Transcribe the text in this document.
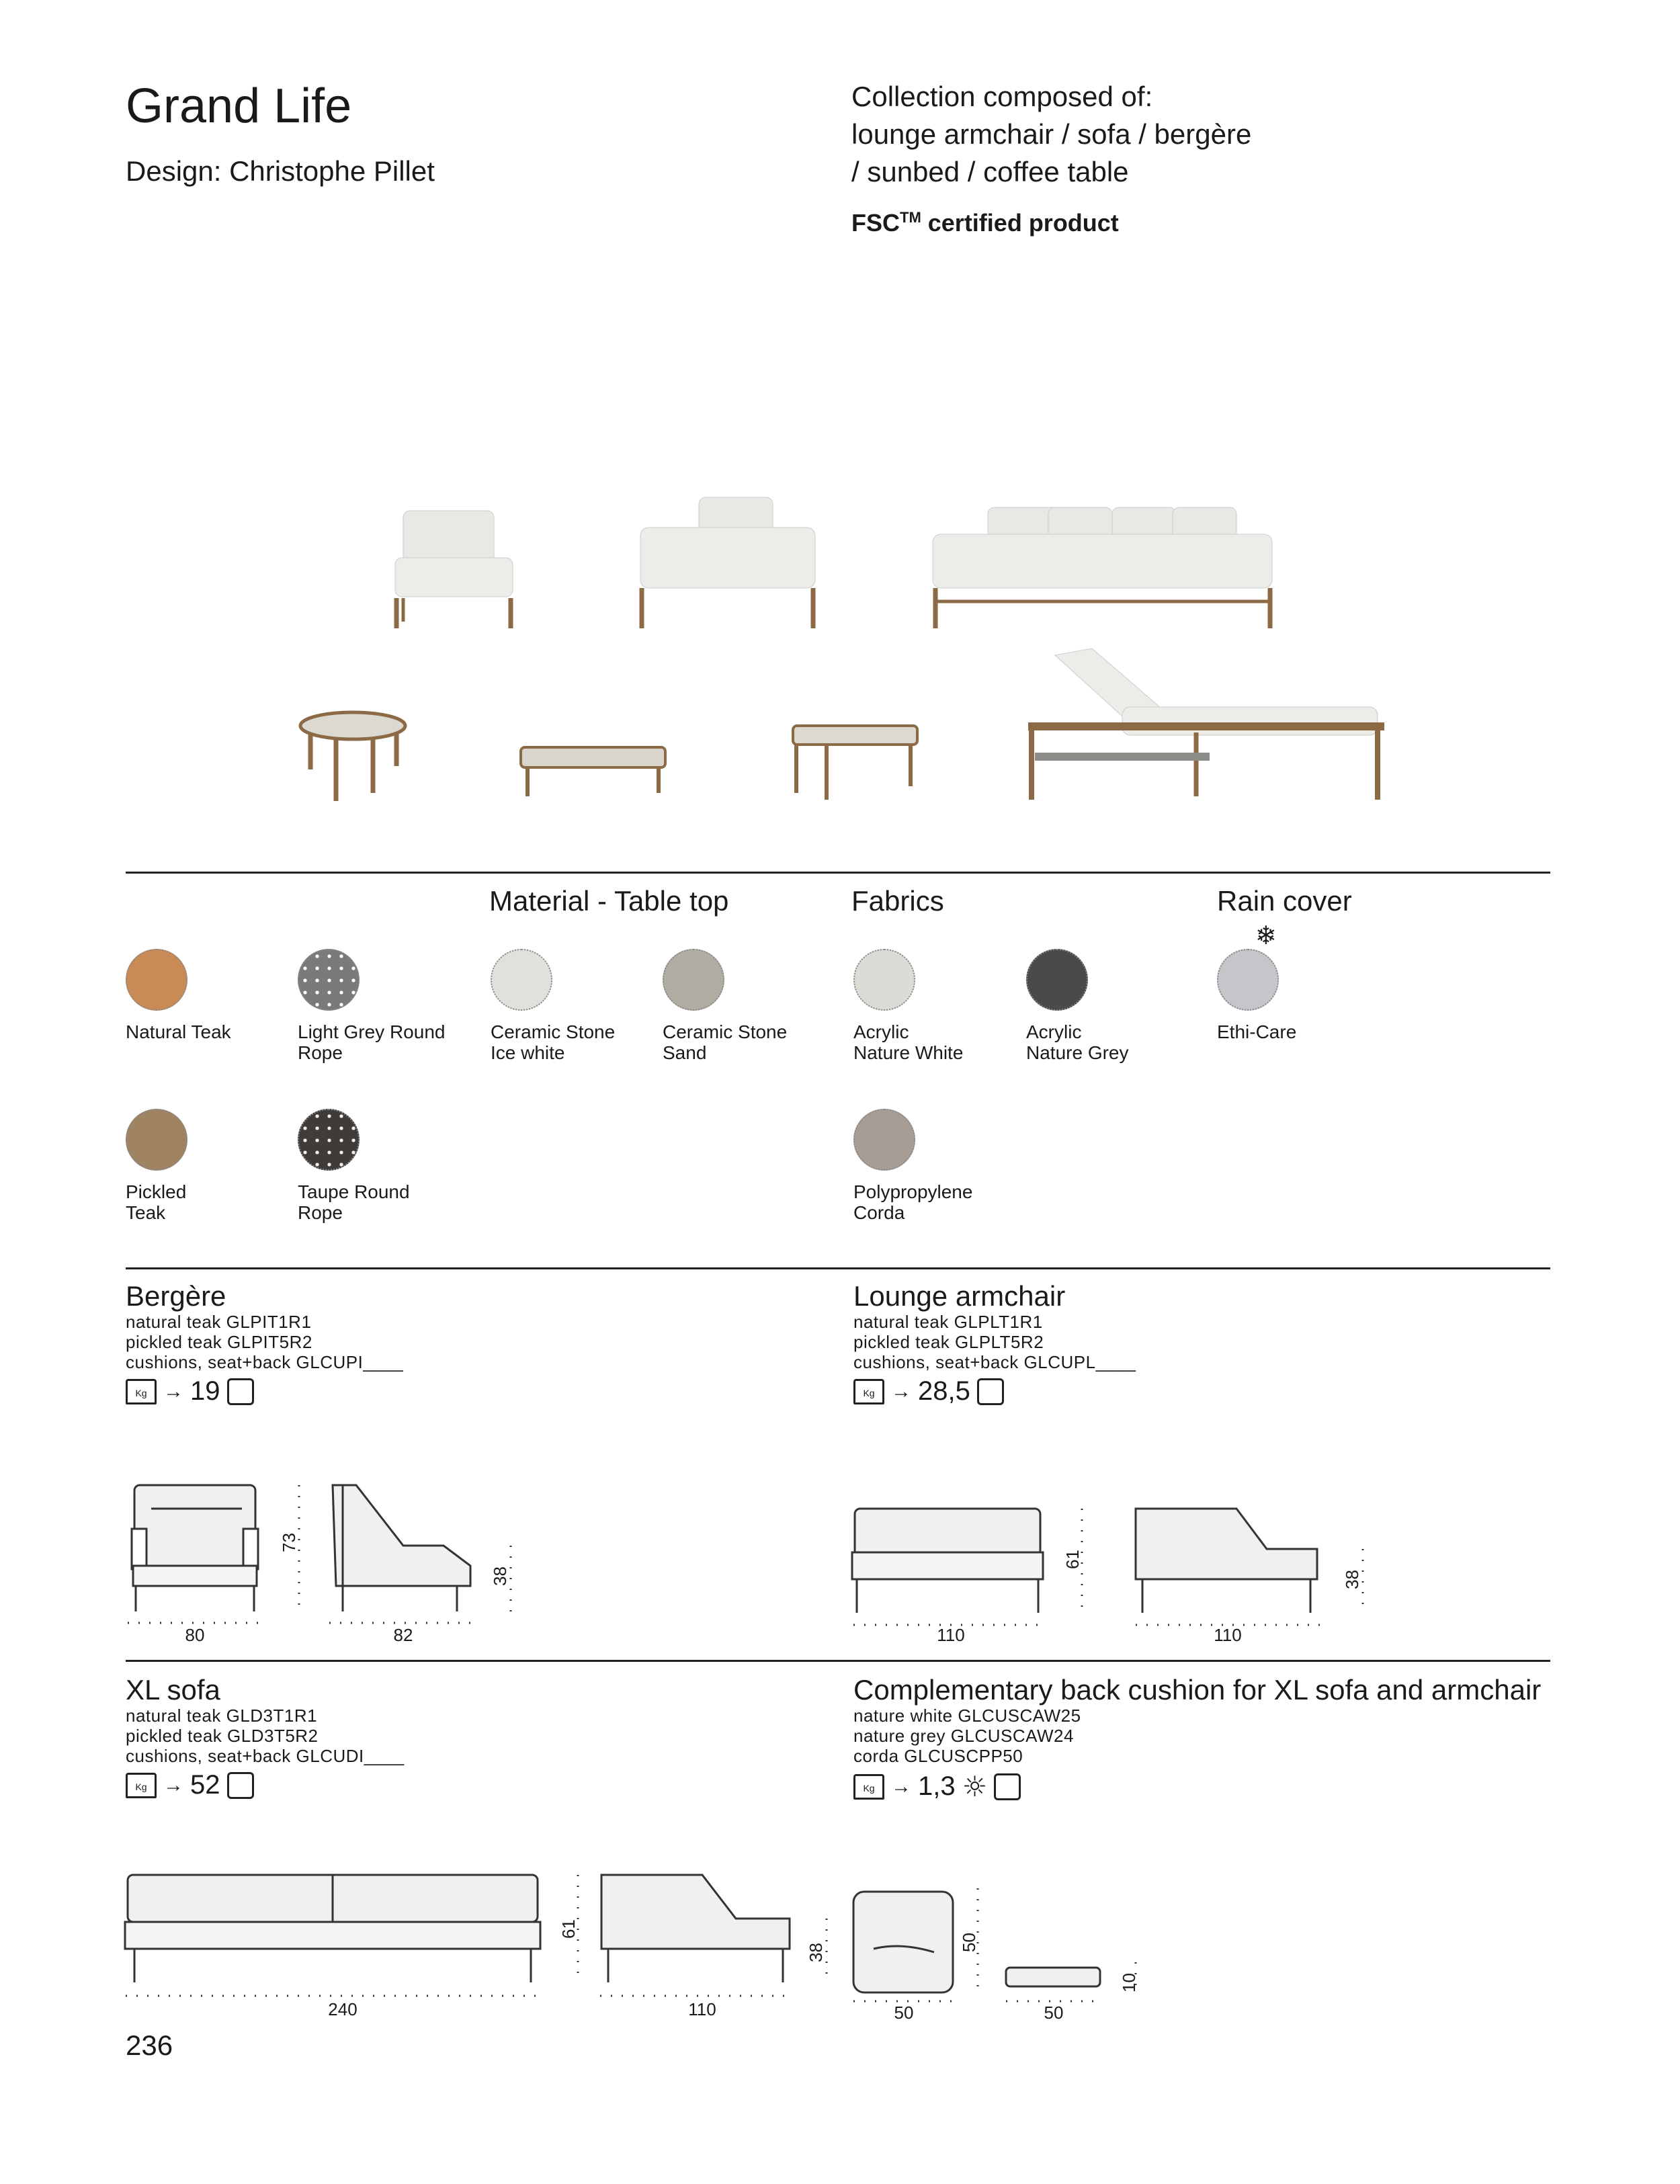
Grand Life
Design: Christophe Pillet
Collection composed of:
lounge armchair / sofa / bergère
/ sunbed / coffee table
FSC™ certified product
Material - Table top	Fabrics	Rain cover
❄
Natural Teak	Light Grey Round
Rope
Ceramic Stone
Ice white
Ceramic Stone
Sand
Acrylic
Nature White
Acrylic
Nature Grey
Ethi-Care
Pickled
Teak
Taupe Round
Rope
Polypropylene
Corda
Bergère
natural teak GLPIT1R1
pickled teak GLPIT5R2
cushions, seat+back GLCUPI____
Kg → 19
Lounge armchair
natural teak GLPLT1R1
pickled teak GLPLT5R2
cushions, seat+back GLCUPL____
Kg → 28,5
80
73
82
38
110
61
110
38
XL sofa
natural teak GLD3T1R1
pickled teak GLD3T5R2
cushions, seat+back GLCUDI____
Kg → 52
Complementary back cushion for XL sofa and armchair
nature white GLCUSCAW25
nature grey GLCUSCAW24
corda GLCUSCPP50
Kg → 1,3 ☼
240
61
110
38
50
50
50
10
236
